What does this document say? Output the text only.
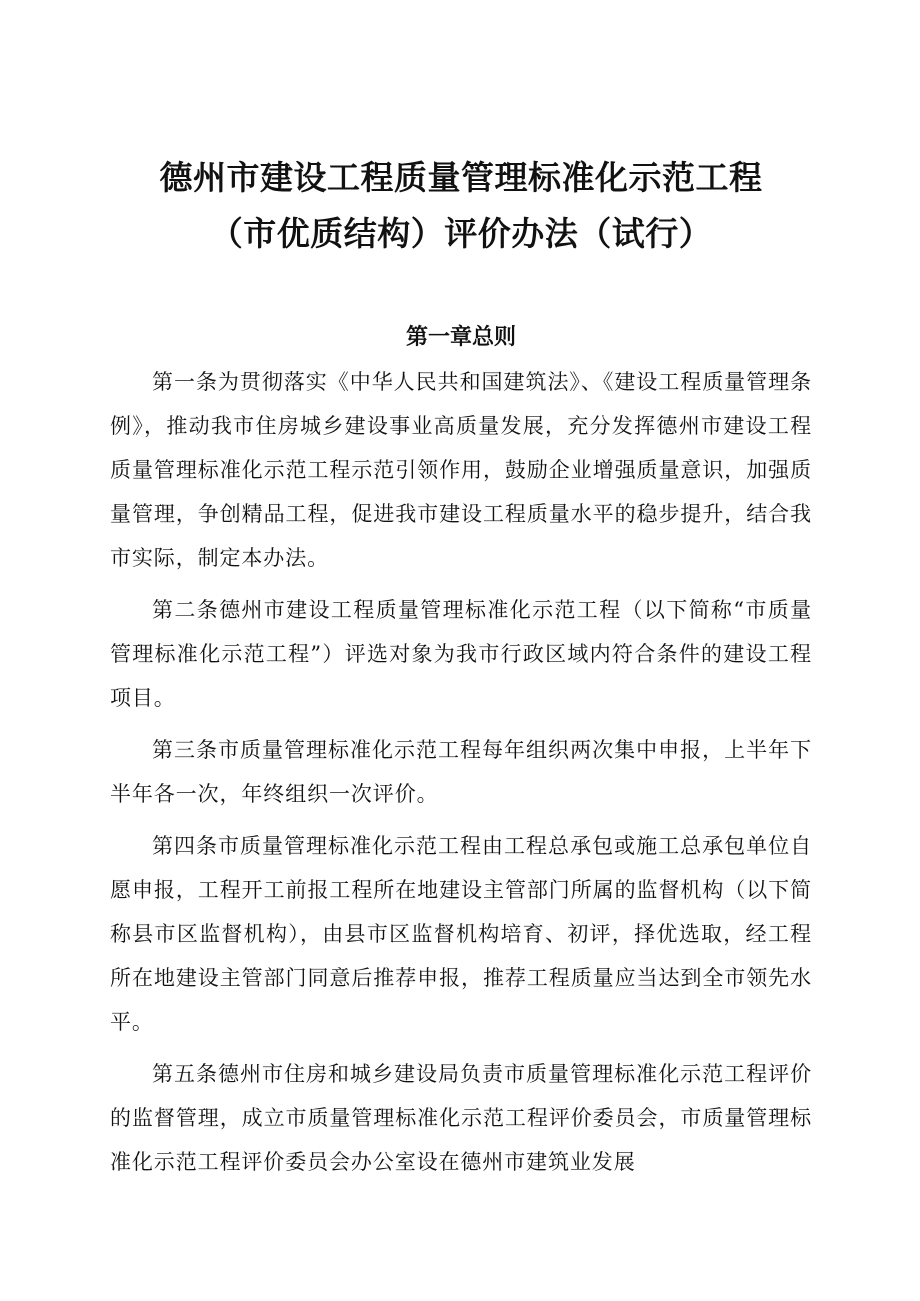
德州市建设工程质量管理标准化示范工程
（市优质结构）评价办法（试行）
第一章总则

第一条为贯彻落实《中华人民共和国建筑法》、《建设工程质量管理条例》，推动我市住房城乡建设事业高质量发展，充分发挥德州市建设工程质量管理标准化示范工程示范引领作用，鼓励企业增强质量意识，加强质量管理，争创精品工程，促进我市建设工程质量水平的稳步提升，结合我市实际，制定本办法。

第二条德州市建设工程质量管理标准化示范工程（以下简称“市质量管理标准化示范工程”）评选对象为我市行政区域内符合条件的建设工程项目。

第三条市质量管理标准化示范工程每年组织两次集中申报，上半年下半年各一次，年终组织一次评价。

第四条市质量管理标准化示范工程由工程总承包或施工总承包单位自愿申报，工程开工前报工程所在地建设主管部门所属的监督机构（以下简称县市区监督机构），由县市区监督机构培育、初评，择优选取，经工程所在地建设主管部门同意后推荐申报，推荐工程质量应当达到全市领先水平。

第五条德州市住房和城乡建设局负责市质量管理标准化示范工程评价的监督管理，成立市质量管理标准化示范工程评价委员会，市质量管理标准化示范工程评价委员会办公室设在德州市建筑业发展
